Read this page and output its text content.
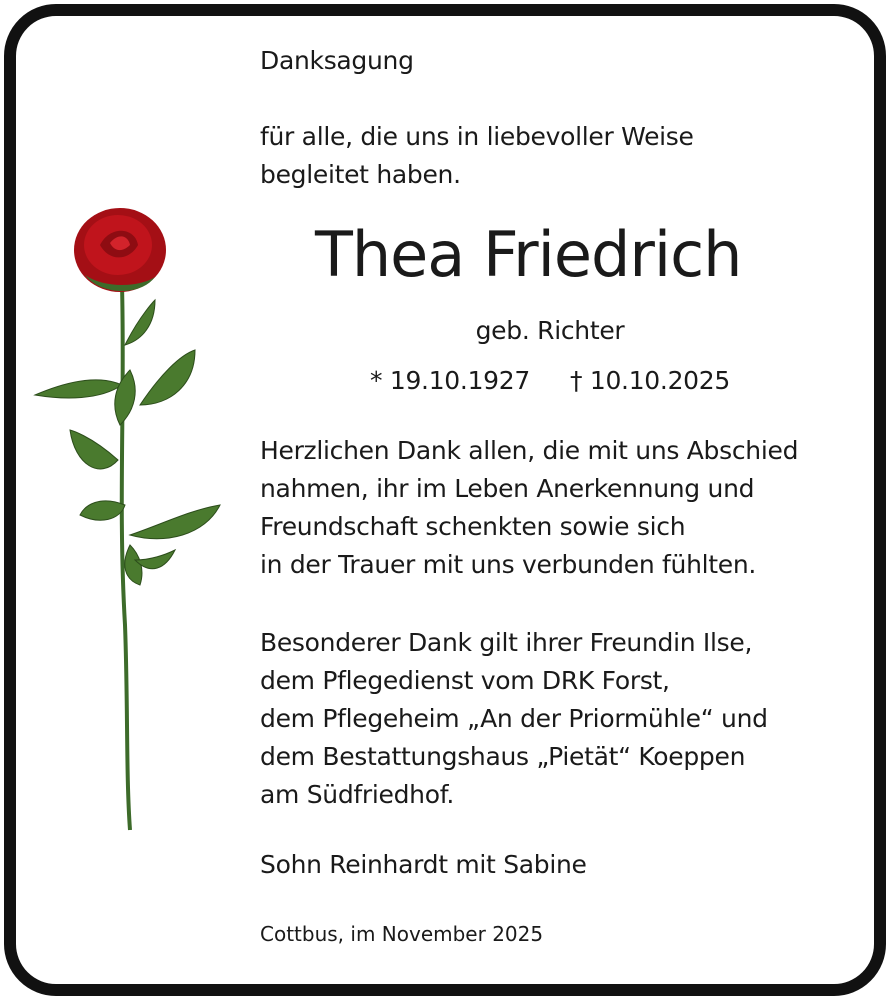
Danksagung
für alle, die uns in liebevoller Weise
begleitet haben.
Thea Friedrich
geb. Richter
* 19.10.1927 † 10.10.2025
Herzlichen Dank allen, die mit uns Abschied
nahmen, ihr im Leben Anerkennung und
Freundschaft schenkten sowie sich
in der Trauer mit uns verbunden fühlten.
Besonderer Dank gilt ihrer Freundin Ilse,
dem Pflegedienst vom DRK Forst,
dem Pflegeheim „An der Priormühle“ und
dem Bestattungshaus „Pietät“ Koeppen
am Südfriedhof.
Sohn Reinhardt mit Sabine
Cottbus, im November 2025
